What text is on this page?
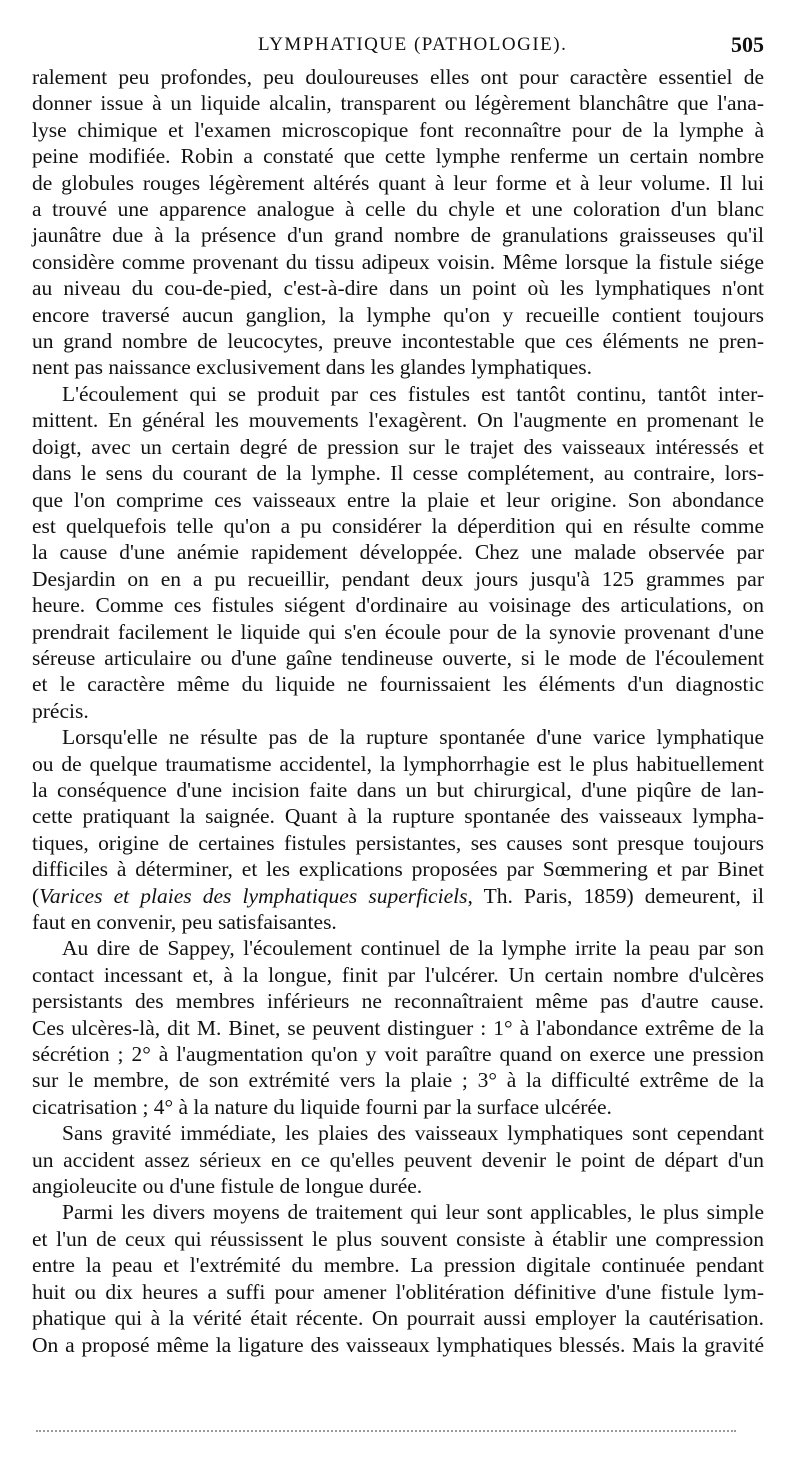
LYMPHATIQUE (PATHOLOGIE).	505

ralement peu profondes, peu douloureuses elles ont pour caractère essentiel de
donner issue à un liquide alcalin, transparent ou légèrement blanchâtre que l'ana-
lyse chimique et l'examen microscopique font reconnaître pour de la lymphe à
peine modifiée. Robin a constaté que cette lymphe renferme un certain nombre
de globules rouges légèrement altérés quant à leur forme et à leur volume. Il lui
a trouvé une apparence analogue à celle du chyle et une coloration d'un blanc
jaunâtre due à la présence d'un grand nombre de granulations graisseuses qu'il
considère comme provenant du tissu adipeux voisin. Même lorsque la fistule siége
au niveau du cou-de-pied, c'est-à-dire dans un point où les lymphatiques n'ont
encore traversé aucun ganglion, la lymphe qu'on y recueille contient toujours
un grand nombre de leucocytes, preuve incontestable que ces éléments ne pren-
nent pas naissance exclusivement dans les glandes lymphatiques.

L'écoulement qui se produit par ces fistules est tantôt continu, tantôt inter-
mittent. En général les mouvements l'exagèrent. On l'augmente en promenant le
doigt, avec un certain degré de pression sur le trajet des vaisseaux intéressés et
dans le sens du courant de la lymphe. Il cesse complétement, au contraire, lors-
que l'on comprime ces vaisseaux entre la plaie et leur origine. Son abondance
est quelquefois telle qu'on a pu considérer la déperdition qui en résulte comme
la cause d'une anémie rapidement développée. Chez une malade observée par
Desjardin on en a pu recueillir, pendant deux jours jusqu'à 125 grammes par
heure. Comme ces fistules siégent d'ordinaire au voisinage des articulations, on
prendrait facilement le liquide qui s'en écoule pour de la synovie provenant d'une
séreuse articulaire ou d'une gaîne tendineuse ouverte, si le mode de l'écoulement
et le caractère même du liquide ne fournissaient les éléments d'un diagnostic
précis.

Lorsqu'elle ne résulte pas de la rupture spontanée d'une varice lymphatique
ou de quelque traumatisme accidentel, la lymphorrhagie est le plus habituellement
la conséquence d'une incision faite dans un but chirurgical, d'une piqûre de lan-
cette pratiquant la saignée. Quant à la rupture spontanée des vaisseaux lympha-
tiques, origine de certaines fistules persistantes, ses causes sont presque toujours
difficiles à déterminer, et les explications proposées par Sœmmering et par Binet
(Varices et plaies des lymphatiques superficiels, Th. Paris, 1859) demeurent, il
faut en convenir, peu satisfaisantes.

Au dire de Sappey, l'écoulement continuel de la lymphe irrite la peau par son
contact incessant et, à la longue, finit par l'ulcérer. Un certain nombre d'ulcères
persistants des membres inférieurs ne reconnaîtraient même pas d'autre cause.
Ces ulcères-là, dit M. Binet, se peuvent distinguer : 1° à l'abondance extrême de la
sécrétion ; 2° à l'augmentation qu'on y voit paraître quand on exerce une pression
sur le membre, de son extrémité vers la plaie ; 3° à la difficulté extrême de la
cicatrisation ; 4° à la nature du liquide fourni par la surface ulcérée.

Sans gravité immédiate, les plaies des vaisseaux lymphatiques sont cependant
un accident assez sérieux en ce qu'elles peuvent devenir le point de départ d'un
angioleucite ou d'une fistule de longue durée.

Parmi les divers moyens de traitement qui leur sont applicables, le plus simple
et l'un de ceux qui réussissent le plus souvent consiste à établir une compression
entre la peau et l'extrémité du membre. La pression digitale continuée pendant
huit ou dix heures a suffi pour amener l'oblitération définitive d'une fistule lym-
phatique qui à la vérité était récente. On pourrait aussi employer la cautérisation.
On a proposé même la ligature des vaisseaux lymphatiques blessés. Mais la gravité
